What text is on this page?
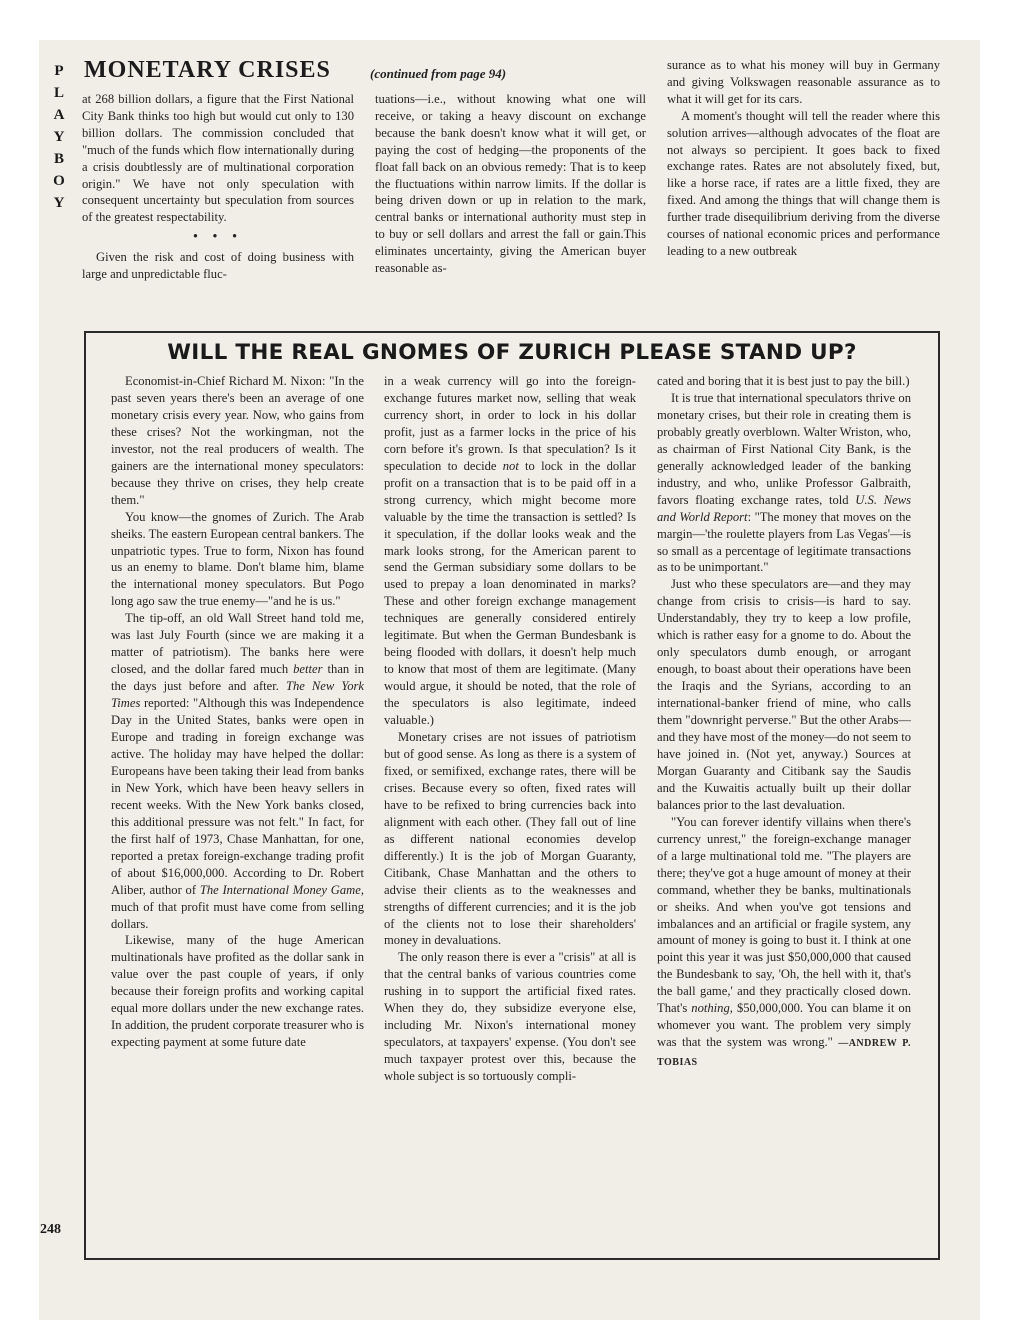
P
L
A
Y
B
O
Y
248
MONETARY CRISES	(continued from page 94)

at 268 billion dollars, a figure that the First National City Bank thinks too high but would cut only to 130 billion dollars. The commission concluded that "much of the funds which flow internationally during a crisis doubtlessly are of multinational corporation origin." We have not only speculation with consequent uncertainty but speculation from sources of the greatest respectability.

• • •

Given the risk and cost of doing business with large and unpredictable fluc-

tuations—i.e., without knowing what one will receive, or taking a heavy discount on exchange because the bank doesn't know what it will get, or paying the cost of hedging—the proponents of the float fall back on an obvious remedy: That is to keep the fluctuations within narrow limits. If the dollar is being driven down or up in relation to the mark, central banks or international authority must step in to buy or sell dollars and arrest the fall or gain.This eliminates uncertainty, giving the American buyer reasonable as-

surance as to what his money will buy in Germany and giving Volkswagen reasonable assurance as to what it will get for its cars.

A moment's thought will tell the reader where this solution arrives—although advocates of the float are not always so percipient. It goes back to fixed exchange rates. Rates are not absolutely fixed, but, like a horse race, if rates are a little fixed, they are fixed. And among the things that will change them is further trade disequilibrium deriving from the diverse courses of national economic prices and performance leading to a new outbreak

WILL THE REAL GNOMES OF ZURICH PLEASE STAND UP?

Economist-in-Chief Richard M. Nixon: "In the past seven years there's been an average of one monetary crisis every year. Now, who gains from these crises? Not the workingman, not the investor, not the real producers of wealth. The gainers are the international money speculators: because they thrive on crises, they help create them."

You know—the gnomes of Zurich. The Arab sheiks. The eastern European central bankers. The unpatriotic types. True to form, Nixon has found us an enemy to blame. Don't blame him, blame the international money speculators. But Pogo long ago saw the true enemy—"and he is us."

The tip-off, an old Wall Street hand told me, was last July Fourth (since we are making it a matter of patriotism). The banks here were closed, and the dollar fared much better than in the days just before and after. The New York Times reported: "Although this was Independence Day in the United States, banks were open in Europe and trading in foreign exchange was active. The holiday may have helped the dollar: Europeans have been taking their lead from banks in New York, which have been heavy sellers in recent weeks. With the New York banks closed, this additional pressure was not felt." In fact, for the first half of 1973, Chase Manhattan, for one, reported a pretax foreign-exchange trading profit of about $16,000,000. According to Dr. Robert Aliber, author of The International Money Game, much of that profit must have come from selling dollars.

Likewise, many of the huge American multinationals have profited as the dollar sank in value over the past couple of years, if only because their foreign profits and working capital equal more dollars under the new exchange rates. In addition, the prudent corporate treasurer who is expecting payment at some future date

in a weak currency will go into the foreign-exchange futures market now, selling that weak currency short, in order to lock in his dollar profit, just as a farmer locks in the price of his corn before it's grown. Is that speculation? Is it speculation to decide not to lock in the dollar profit on a transaction that is to be paid off in a strong currency, which might become more valuable by the time the transaction is settled? Is it speculation, if the dollar looks weak and the mark looks strong, for the American parent to send the German subsidiary some dollars to be used to prepay a loan denominated in marks? These and other foreign exchange management techniques are generally considered entirely legitimate. But when the German Bundesbank is being flooded with dollars, it doesn't help much to know that most of them are legitimate. (Many would argue, it should be noted, that the role of the speculators is also legitimate, indeed valuable.)

Monetary crises are not issues of patriotism but of good sense. As long as there is a system of fixed, or semifixed, exchange rates, there will be crises. Because every so often, fixed rates will have to be refixed to bring currencies back into alignment with each other. (They fall out of line as different national economies develop differently.) It is the job of Morgan Guaranty, Citibank, Chase Manhattan and the others to advise their clients as to the weaknesses and strengths of different currencies; and it is the job of the clients not to lose their shareholders' money in devaluations.

The only reason there is ever a "crisis" at all is that the central banks of various countries come rushing in to support the artificial fixed rates. When they do, they subsidize everyone else, including Mr. Nixon's international money speculators, at taxpayers' expense. (You don't see much taxpayer protest over this, because the whole subject is so tortuously compli-

cated and boring that it is best just to pay the bill.)

It is true that international speculators thrive on monetary crises, but their role in creating them is probably greatly overblown. Walter Wriston, who, as chairman of First National City Bank, is the generally acknowledged leader of the banking industry, and who, unlike Professor Galbraith, favors floating exchange rates, told U.S. News and World Report: "The money that moves on the margin—'the roulette players from Las Vegas'—is so small as a percentage of legitimate transactions as to be unimportant."

Just who these speculators are—and they may change from crisis to crisis—is hard to say. Understandably, they try to keep a low profile, which is rather easy for a gnome to do. About the only speculators dumb enough, or arrogant enough, to boast about their operations have been the Iraqis and the Syrians, according to an international-banker friend of mine, who calls them "downright perverse." But the other Arabs—and they have most of the money—do not seem to have joined in. (Not yet, anyway.) Sources at Morgan Guaranty and Citibank say the Saudis and the Kuwaitis actually built up their dollar balances prior to the last devaluation.

"You can forever identify villains when there's currency unrest," the foreign-exchange manager of a large multinational told me. "The players are there; they've got a huge amount of money at their command, whether they be banks, multinationals or sheiks. And when you've got tensions and imbalances and an artificial or fragile system, any amount of money is going to bust it. I think at one point this year it was just $50,000,000 that caused the Bundesbank to say, 'Oh, the hell with it, that's the ball game,' and they practically closed down. That's nothing, $50,000,000. You can blame it on whomever you want. The problem very simply was that the system was wrong." —ANDREW P. TOBIAS
